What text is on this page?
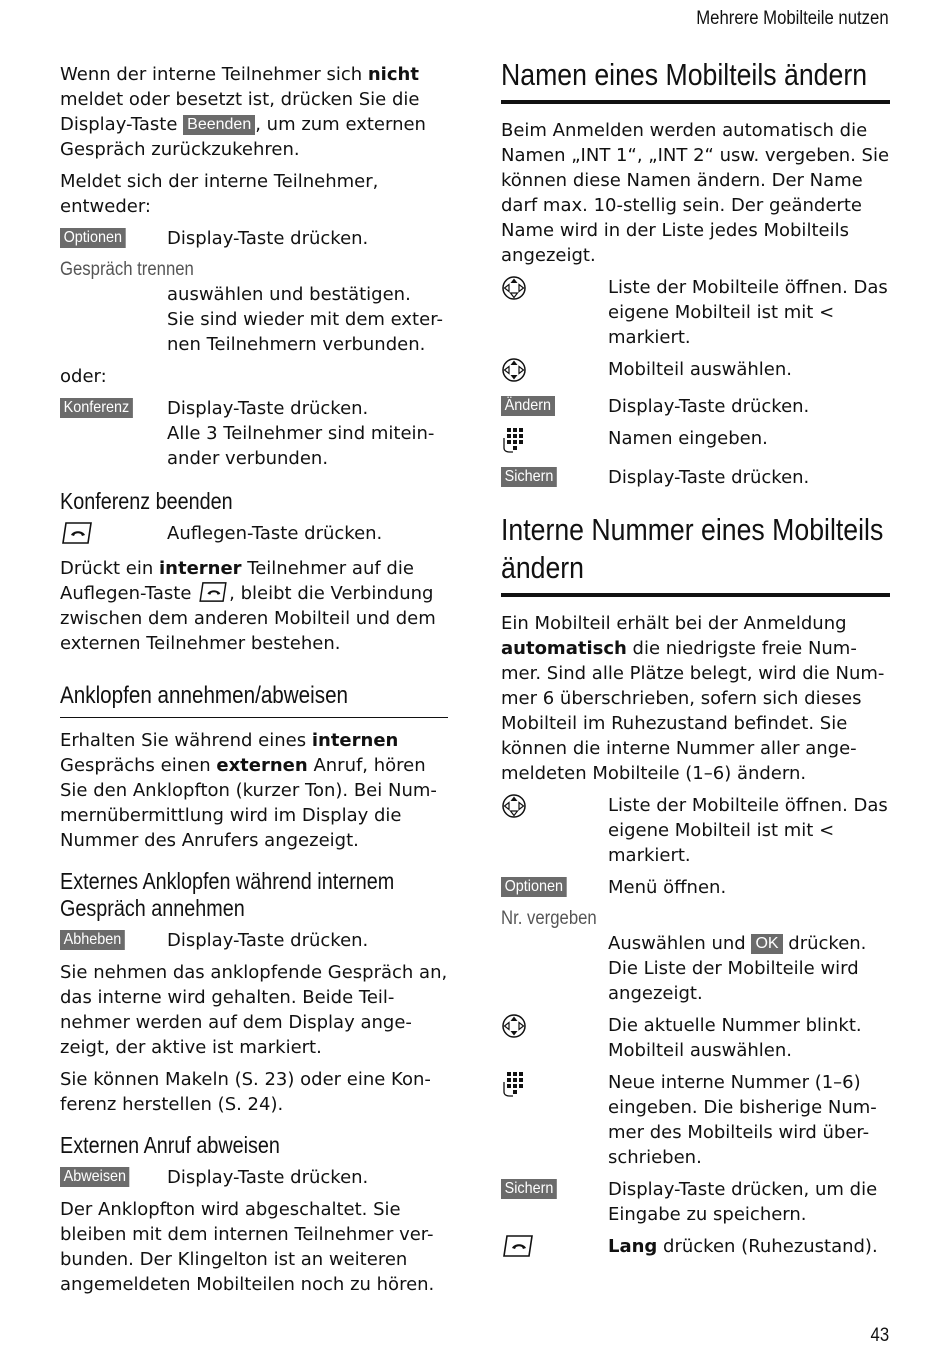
Mehrere Mobilteile nutzen

Wenn der interne Teilnehmer sich nicht meldet oder besetzt ist, drücken Sie die Display-Taste Beenden , um zum externen Gespräch zurückzukehren.

Meldet sich der interne Teilnehmer, entweder:

Optionen	Display-Taste drücken.
Gespräch trennen
auswählen und bestätigen.
Sie sind wieder mit dem exter-nen Teilnehmern verbunden.

oder:

Konferenz	Display-Taste drücken.
Alle 3 Teilnehmer sind mitein-ander verbunden.
Konferenz beenden
Auflegen-Taste drücken.

Drückt ein interner Teilnehmer auf die Auflegen-Taste
, bleibt die Verbindung zwischen dem anderen Mobilteil und dem externen Teilnehmer bestehen.

Anklopfen annehmen/abweisen

Erhalten Sie während eines internen Gesprächs einen externen Anruf, hören Sie den Anklopfton (kurzer Ton). Bei Num-mernübermittlung wird im Display die Nummer des Anrufers angezeigt.

Externes Anklopfen während internem Gespräch annehmen
Abheben	Display-Taste drücken.

Sie nehmen das anklopfende Gespräch an, das interne wird gehalten. Beide Teil-nehmer werden auf dem Display ange-zeigt, der aktive ist markiert.

Sie können Makeln (S. 23) oder eine Kon-ferenz herstellen (S. 24).

Externen Anruf abweisen
Abweisen	Display-Taste drücken.

Der Anklopfton wird abgeschaltet. Sie bleiben mit dem internen Teilnehmer ver-bunden. Der Klingelton ist an weiteren angemeldeten Mobilteilen noch zu hören.

Namen eines Mobilteils ändern

Beim Anmelden werden automatisch die Namen „INT 1“, „INT 2“ usw. vergeben. Sie können diese Namen ändern. Der Name darf max. 10-stellig sein. Der geänderte Name wird in der Liste jedes Mobilteils angezeigt.

Liste der Mobilteile öffnen. Das eigene Mobilteil ist mit < markiert.
Mobilteil auswählen.
Ändern	Display-Taste drücken.
Namen eingeben.
Sichern	Display-Taste drücken.
Interne Nummer eines Mobilteils
ändern

Ein Mobilteil erhält bei der Anmeldung automatisch die niedrigste freie Num-mer. Sind alle Plätze belegt, wird die Num-mer 6 überschrieben, sofern sich dieses Mobilteil im Ruhezustand befindet. Sie können die interne Nummer aller ange-meldeten Mobilteile (1–6) ändern.

Liste der Mobilteile öffnen. Das eigene Mobilteil ist mit < markiert.
Optionen	Menü öffnen.
Nr. vergeben
Auswählen und OK drücken. Die Liste der Mobilteile wird angezeigt.
Die aktuelle Nummer blinkt. Mobilteil auswählen.
Neue interne Nummer (1–6) eingeben. Die bisherige Num-mer des Mobilteils wird über-schrieben.
Sichern	Display-Taste drücken, um die Eingabe zu speichern.
Lang drücken (Ruhezustand).
43
